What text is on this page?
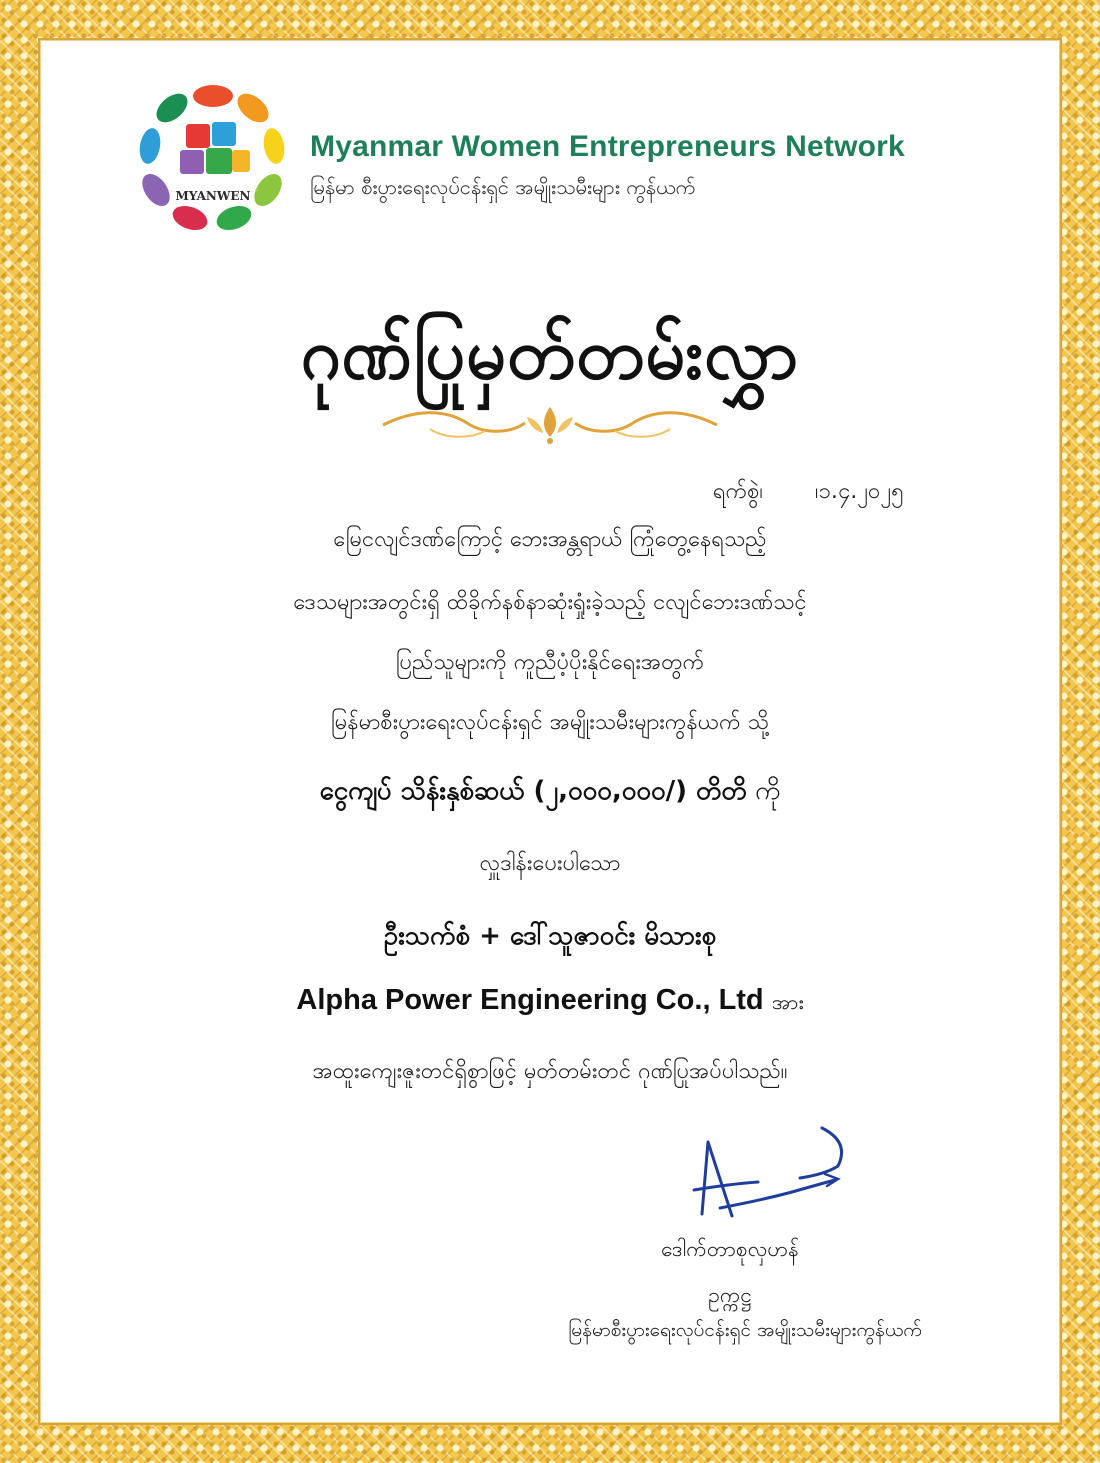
MYANWEN

Myanmar Women Entrepreneurs Network

မြန်မာ စီးပွားရေးလုပ်ငန်းရှင် အမျိုးသမီးများ ကွန်ယက်

ဂုဏ်ပြုမှတ်တမ်းလွှာ
ရက်စွဲ၊ ၊၁.၄.၂၀၂၅

မြေငလျင်ဒဏ်ကြောင့် ဘေးအန္တရာယ် ကြုံတွေ့နေရသည့်

ဒေသများအတွင်းရှိ ထိခိုက်နစ်နာဆုံးရှုံးခဲ့သည့် ငလျင်ဘေးဒဏ်သင့်

ပြည်သူများကို ကူညီပံ့ပိုးနိုင်ရေးအတွက်

မြန်မာစီးပွားရေးလုပ်ငန်းရှင် အမျိုးသမီးများကွန်ယက် သို့

ငွေကျပ် သိန်းနှစ်ဆယ် (၂,၀၀၀,၀၀၀/) တိတိ ကို

လှူဒါန်းပေးပါသော

ဦးသက်စံ + ဒေါ်သူဇာဝင်း မိသားစု

Alpha Power Engineering Co., Ltd အား

အထူးကျေးဇူးတင်ရှိစွာဖြင့် မှတ်တမ်းတင် ဂုဏ်ပြုအပ်ပါသည်။

ဒေါက်တာစုလှဟန်

ဥက္ကဋ္ဌ

မြန်မာစီးပွားရေးလုပ်ငန်းရှင် အမျိုးသမီးများကွန်ယက်
